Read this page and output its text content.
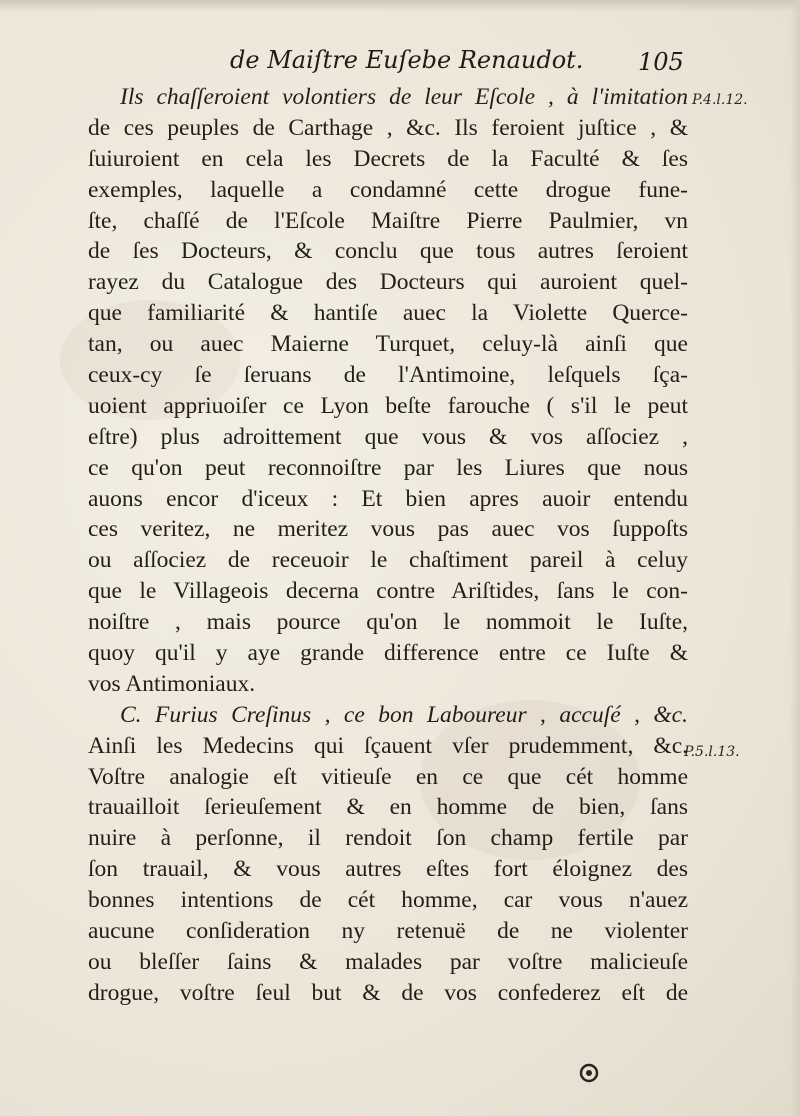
de Maiſtre Euſebe Renaudot. 105
P.4.l.12.
P.5.l.13.
Ils chaſſeroient volontiers de leur Eſcole , à l'imitation
de ces peuples de Carthage , &c. Ils feroient juſtice , &
ſuiuroient en cela les Decrets de la Faculté & ſes
exemples, laquelle a condamné cette drogue fune-
ſte, chaſſé de l'Eſcole Maiſtre Pierre Paulmier, vn
de ſes Docteurs, & conclu que tous autres ſeroient
rayez du Catalogue des Docteurs qui auroient quel-
que familiarité & hantiſe auec la Violette Querce-
tan, ou auec Maierne Turquet, celuy-là ainſi que
ceux-cy ſe ſeruans de l'Antimoine, leſquels ſça-
uoient appriuoiſer ce Lyon beſte farouche ( s'il le peut
eſtre) plus adroittement que vous & vos aſſociez ,
ce qu'on peut reconnoiſtre par les Liures que nous
auons encor d'iceux : Et bien apres auoir entendu
ces veritez, ne meritez vous pas auec vos ſuppoſts
ou aſſociez de receuoir le chaſtiment pareil à celuy
que le Villageois decerna contre Ariſtides, ſans le con-
noiſtre , mais pource qu'on le nommoit le Iuſte,
quoy qu'il y aye grande difference entre ce Iuſte &
vos Antimoniaux.
C. Furius Creſinus , ce bon Laboureur , accuſé , &c.
Ainſi les Medecins qui ſçauent vſer prudemment, &c.
Voſtre analogie eſt vitieuſe en ce que cét homme
trauailloit ſerieuſement & en homme de bien, ſans
nuire à perſonne, il rendoit ſon champ fertile par
ſon trauail, & vous autres eſtes fort éloignez des
bonnes intentions de cét homme, car vous n'auez
aucune conſideration ny retenuë de ne violenter
ou bleſſer ſains & malades par voſtre malicieuſe
drogue, voſtre ſeul but & de vos confederez eſt de
